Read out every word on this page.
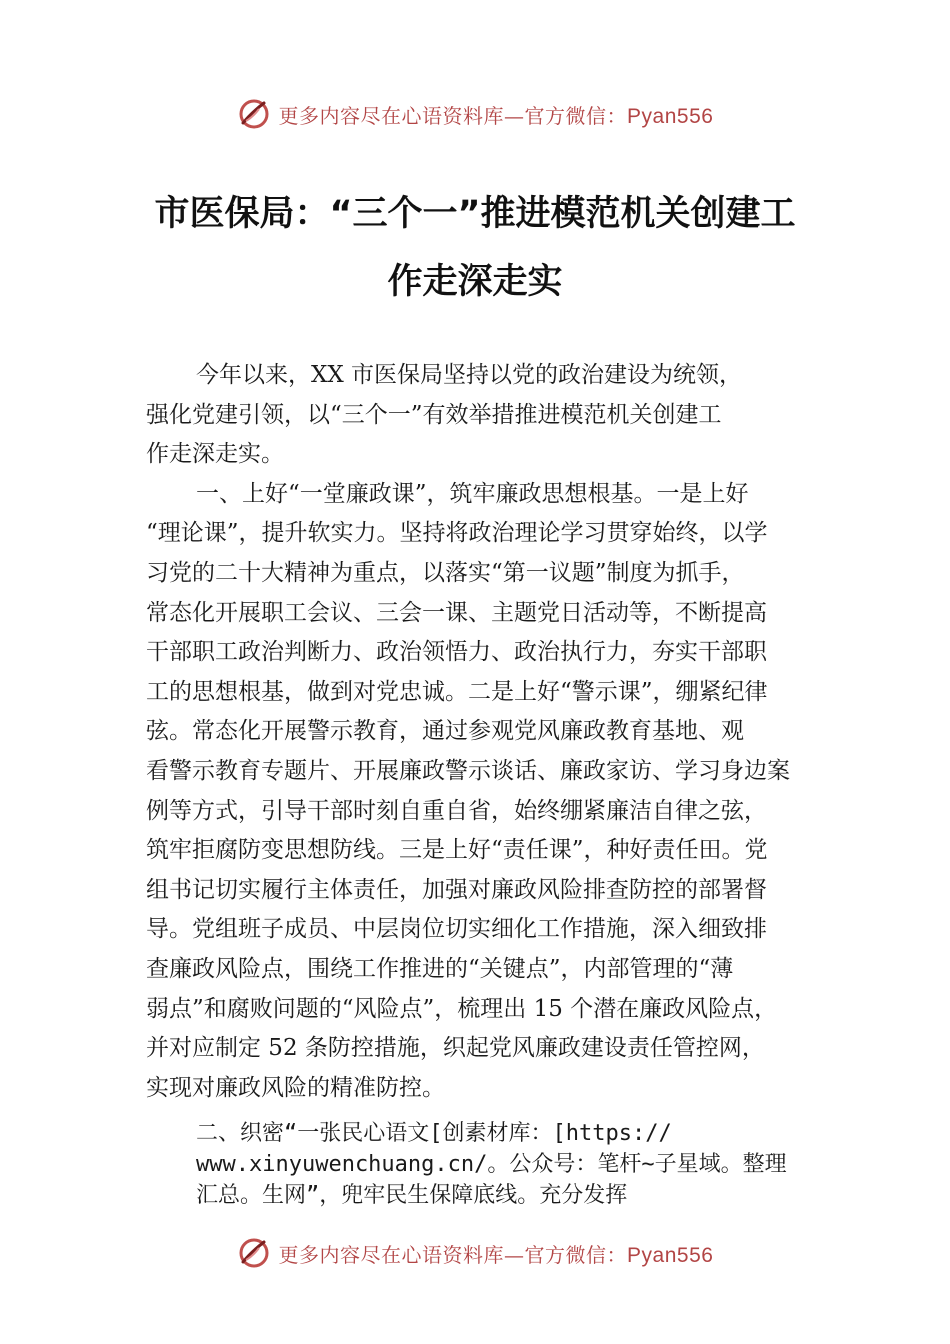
更多内容尽在心语资料库—官方微信：Pyan556
市医保局：“三个一”推进模范机关创建工
作走深走实
今年以来，XX 市医保局坚持以党的政治建设为统领，
强化党建引领，以“三个一”有效举措推进模范机关创建工
作走深走实。
一、上好“一堂廉政课”，筑牢廉政思想根基。一是上好
“理论课”，提升软实力。坚持将政治理论学习贯穿始终，以学
习党的二十大精神为重点，以落实“第一议题”制度为抓手，
常态化开展职工会议、三会一课、主题党日活动等，不断提高
干部职工政治判断力、政治领悟力、政治执行力，夯实干部职
工的思想根基，做到对党忠诚。二是上好“警示课”，绷紧纪律
弦。常态化开展警示教育，通过参观党风廉政教育基地、观
看警示教育专题片、开展廉政警示谈话、廉政家访、学习身边案
例等方式，引导干部时刻自重自省，始终绷紧廉洁自律之弦，
筑牢拒腐防变思想防线。三是上好“责任课”，种好责任田。党
组书记切实履行主体责任，加强对廉政风险排查防控的部署督
导。党组班子成员、中层岗位切实细化工作措施，深入细致排
查廉政风险点，围绕工作推进的“关键点”，内部管理的“薄
弱点”和腐败问题的“风险点”，梳理出 15 个潜在廉政风险点，
并对应制定 52 条防控措施，织起党风廉政建设责任管控网，
实现对廉政风险的精准防控。
二、织密“一张民心语文[创素材库：[https://
www.xinyuwenchuang.cn/。公众号：笔杆~子星域。整理
汇总。生网”，兜牢民生保障底线。充分发挥
更多内容尽在心语资料库—官方微信：Pyan556
